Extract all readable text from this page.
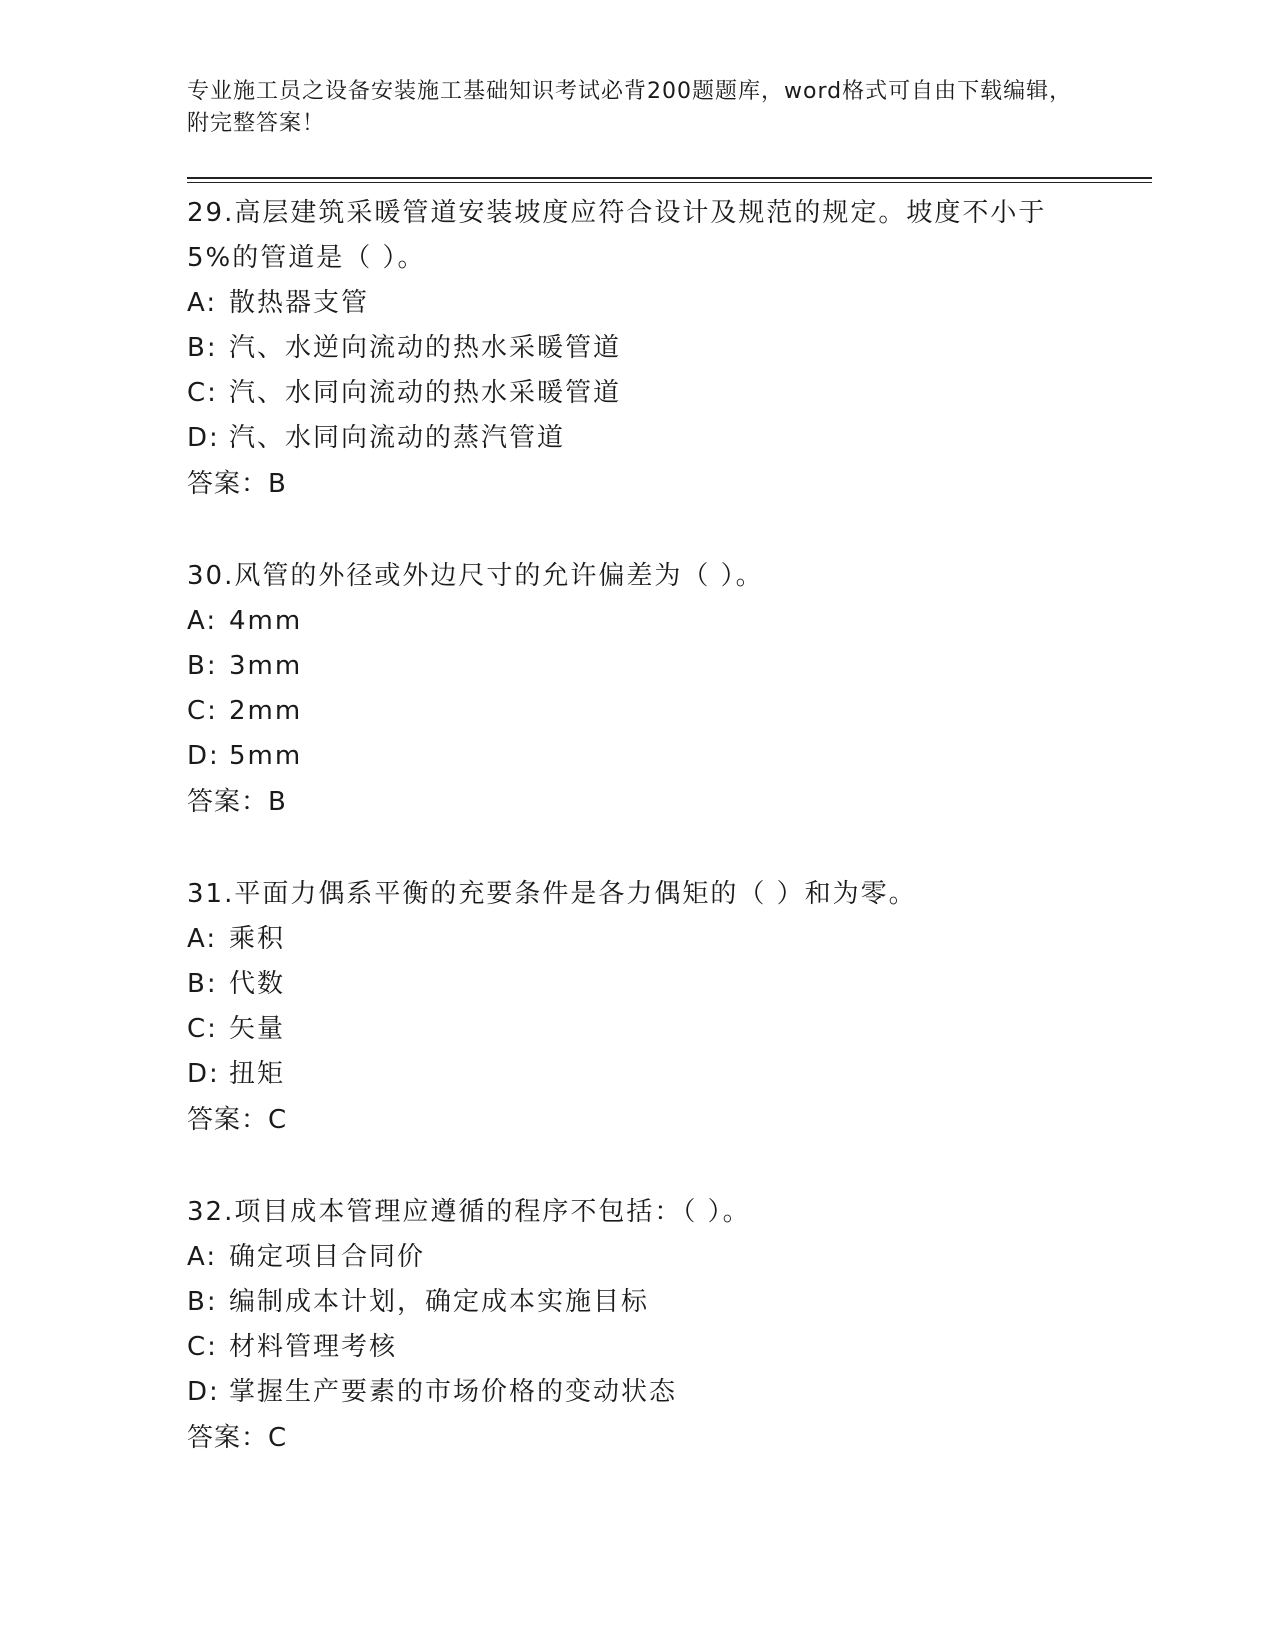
专业施工员之设备安装施工基础知识考试必背200题题库，word格式可自由下载编辑，附完整答案！

29.高层建筑采暖管道安装坡度应符合设计及规范的规定。坡度不小于5%的管道是（ ）。

A: 散热器支管

B: 汽、水逆向流动的热水采暖管道

C: 汽、水同向流动的热水采暖管道

D: 汽、水同向流动的蒸汽管道

答案：B

30.风管的外径或外边尺寸的允许偏差为（ ）。

A: 4mm

B: 3mm

C: 2mm

D: 5mm

答案：B

31.平面力偶系平衡的充要条件是各力偶矩的（ ）和为零。

A: 乘积

B: 代数

C: 矢量

D: 扭矩

答案：C

32.项目成本管理应遵循的程序不包括：（ ）。

A: 确定项目合同价

B: 编制成本计划，确定成本实施目标

C: 材料管理考核

D: 掌握生产要素的市场价格的变动状态

答案：C
